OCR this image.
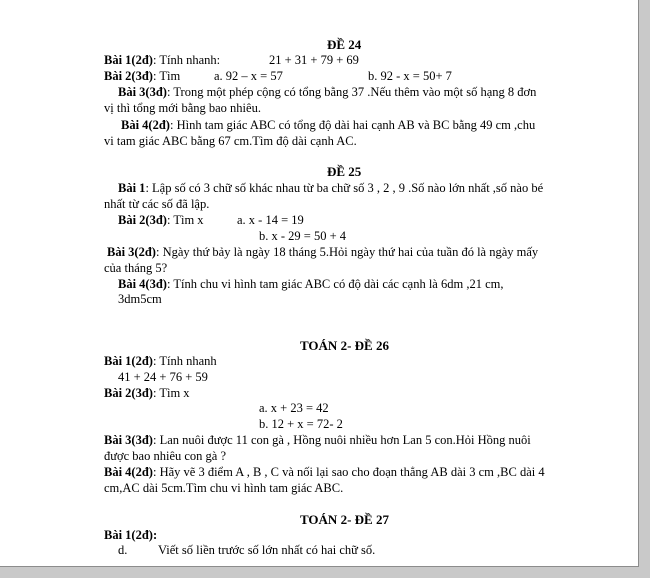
ĐỀ 24
Bài 1(2đ): Tính nhanh:	21 + 31 + 79 + 69
Bài 2(3đ): Tìm	a. 92 – x = 57	b. 92 - x = 50+ 7
Bài 3(3đ): Trong một phép cộng có tổng bằng 37 .Nếu thêm vào một số hạng 8 đơn
vị thì tổng mới bằng bao nhiêu.
Bài 4(2đ): Hình tam giác ABC có tổng độ dài hai cạnh AB và BC bằng 49 cm ,chu
vi tam giác ABC bằng 67 cm.Tìm độ dài cạnh AC.
ĐỀ 25
Bài 1: Lập số có 3 chữ số khác nhau từ ba chữ số 3 , 2 , 9 .Số nào lớn nhất ,số nào bé
nhất từ các số đã lập.
Bài 2(3đ): Tìm x	a. x - 14 = 19
b. x - 29 = 50 + 4
Bài 3(2đ): Ngày thứ bảy là ngày 18 tháng 5.Hỏi ngày thứ hai của tuần đó là ngày mấy
của tháng 5?
Bài 4(3đ): Tính chu vi hình tam giác ABC có độ dài các cạnh là 6dm ,21 cm,
3dm5cm
TOÁN 2- ĐỀ 26
Bài 1(2đ): Tính nhanh
41 + 24 + 76 + 59
Bài 2(3đ): Tìm x
a. x + 23 = 42
b. 12 + x = 72- 2
Bài 3(3đ): Lan nuôi được 11 con gà , Hồng nuôi nhiều hơn Lan 5 con.Hỏi Hồng nuôi
được bao nhiêu con gà ?
Bài 4(2đ): Hãy vẽ 3 điểm A , B , C và nối lại sao cho đoạn thẳng AB dài 3 cm ,BC dài 4
cm,AC dài 5cm.Tìm chu vi hình tam giác ABC.
TOÁN 2- ĐỀ 27
Bài 1(2đ):
d. Viết số liền trước số lớn nhất có hai chữ số.
